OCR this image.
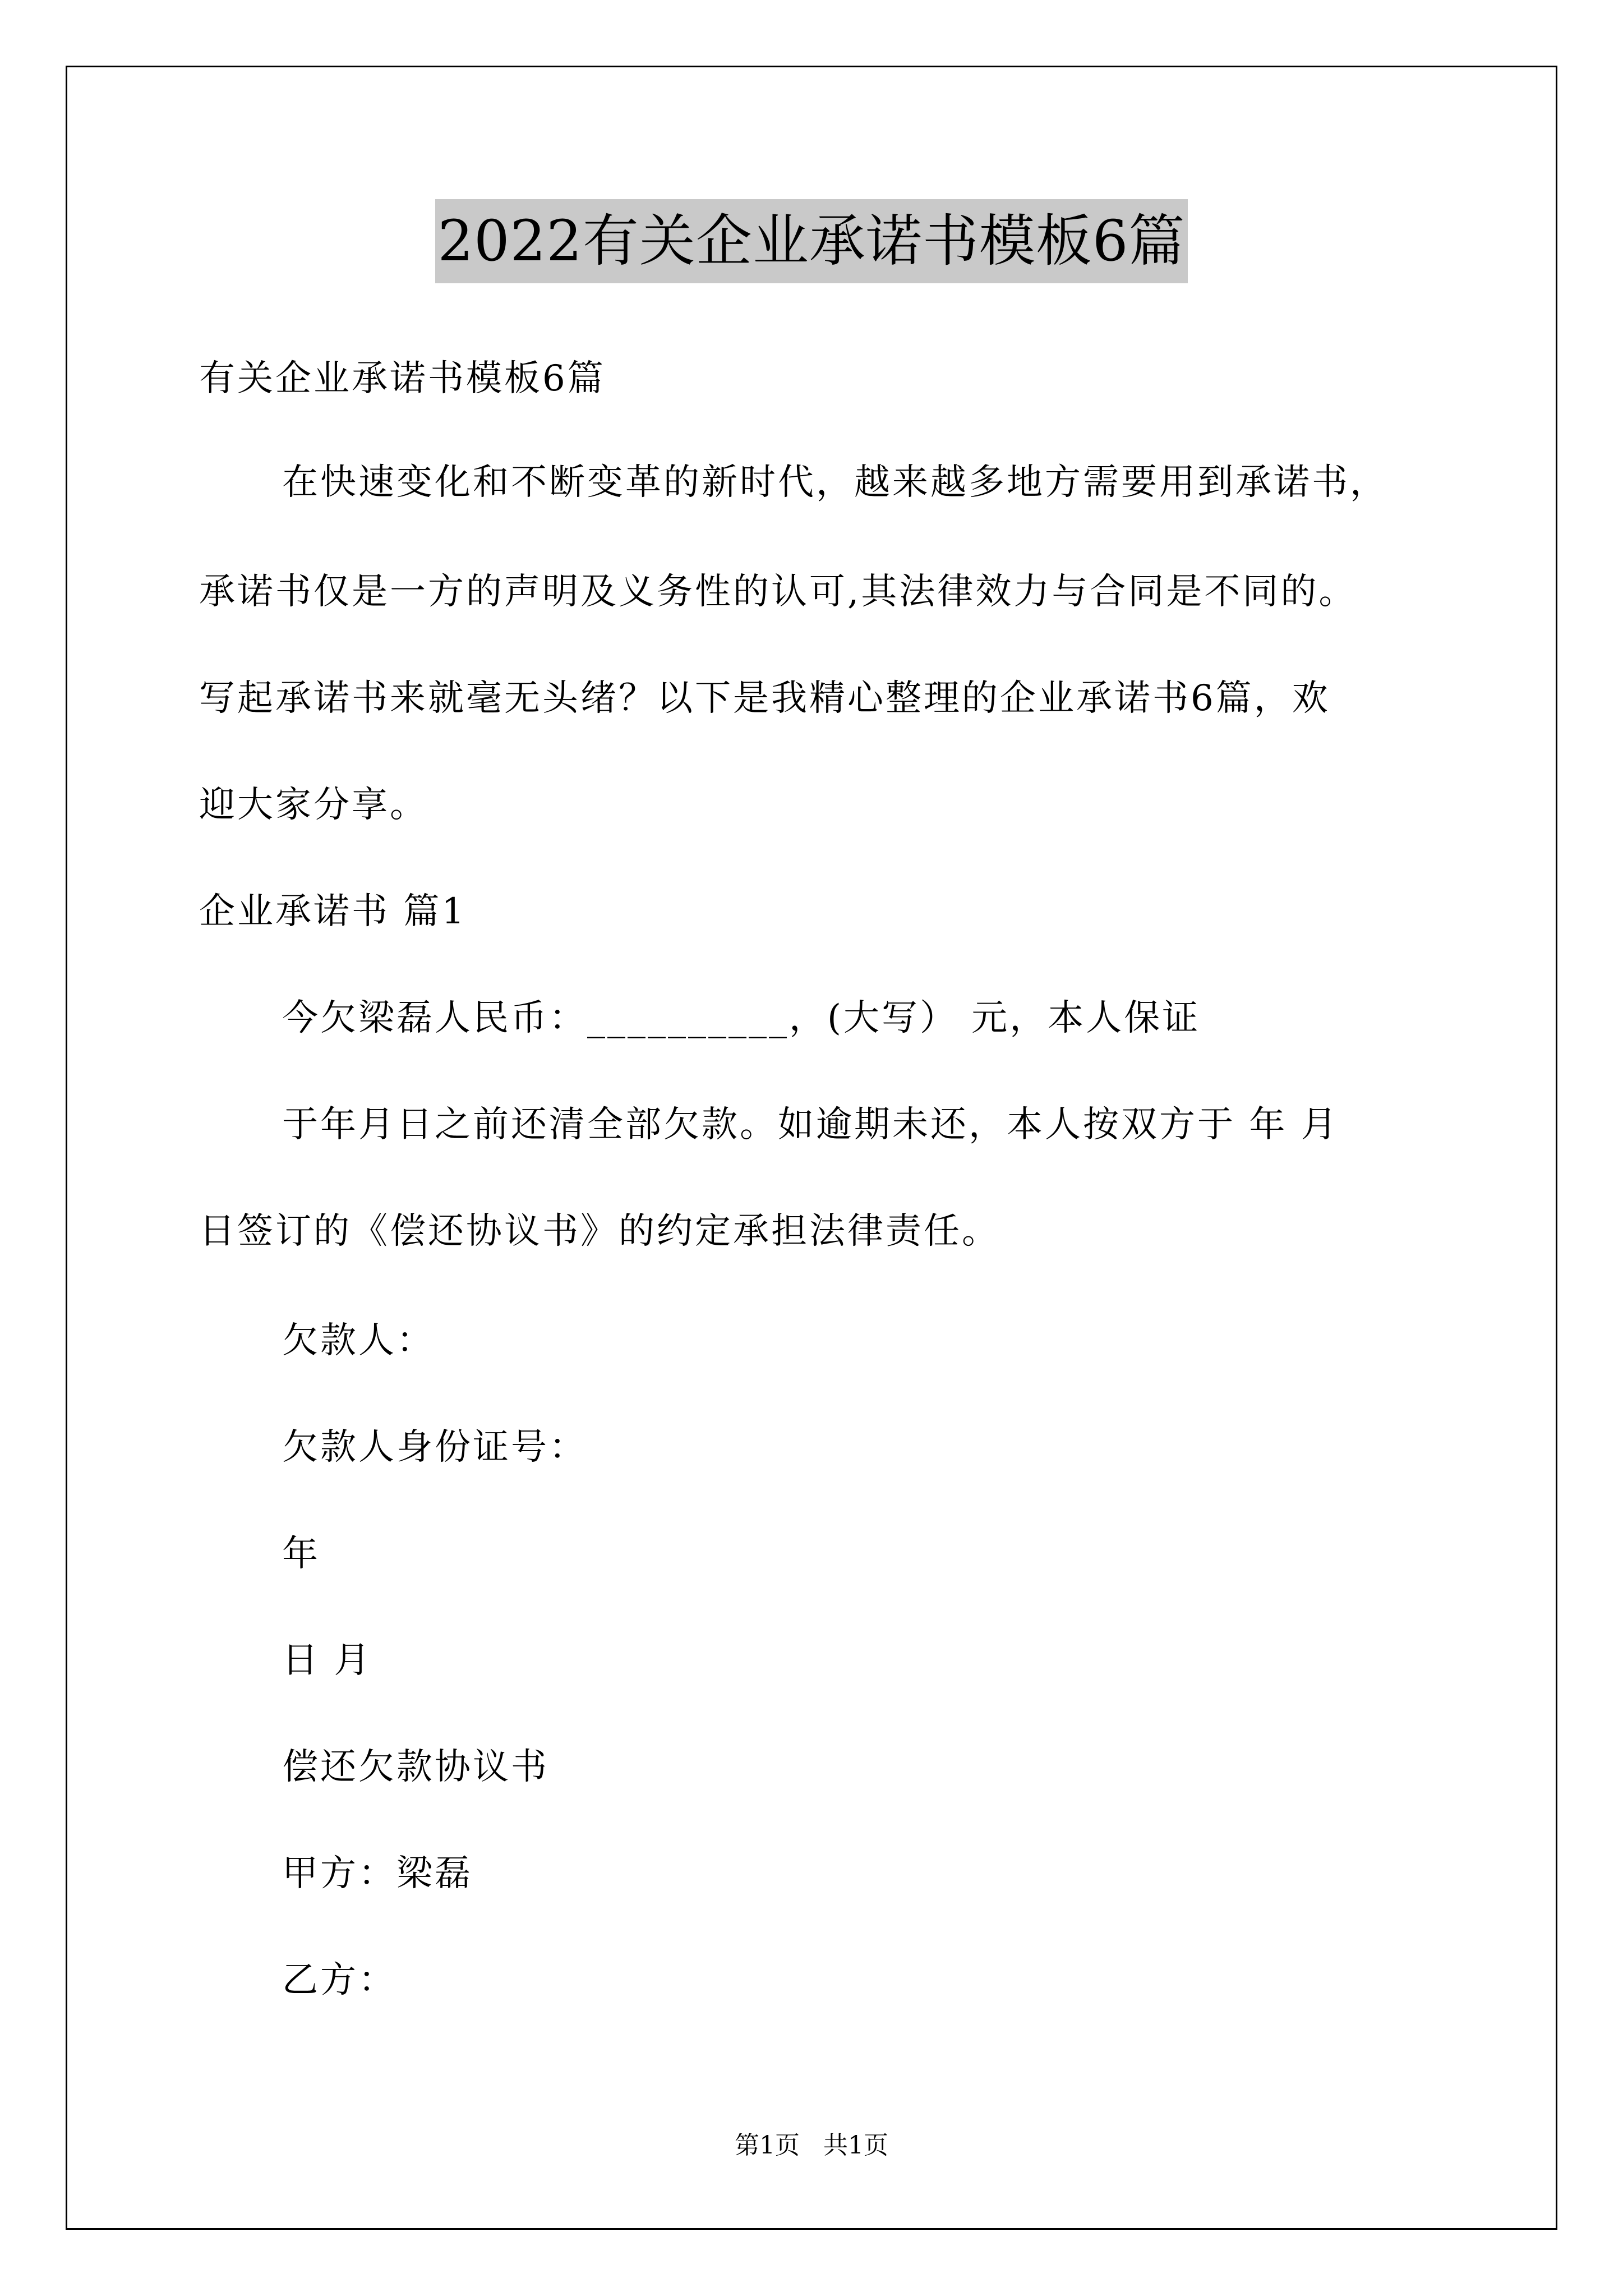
2022有关企业承诺书模板6篇
有关企业承诺书模板6篇
在快速变化和不断变革的新时代，越来越多地方需要用到承诺书，
承诺书仅是一方的声明及义务性的认可,其法律效力与合同是不同的。
写起承诺书来就毫无头绪？以下是我精心整理的企业承诺书6篇，欢
迎大家分享。
企业承诺书 篇1
今欠梁磊人民币：__________，(大写） 元，本人保证
于年月日之前还清全部欠款。如逾期未还，本人按双方于 年 月
日签订的《偿还协议书》的约定承担法律责任。
欠款人：
欠款人身份证号：
年
日 月
偿还欠款协议书
甲方：梁磊
乙方：
第1页   共1页
